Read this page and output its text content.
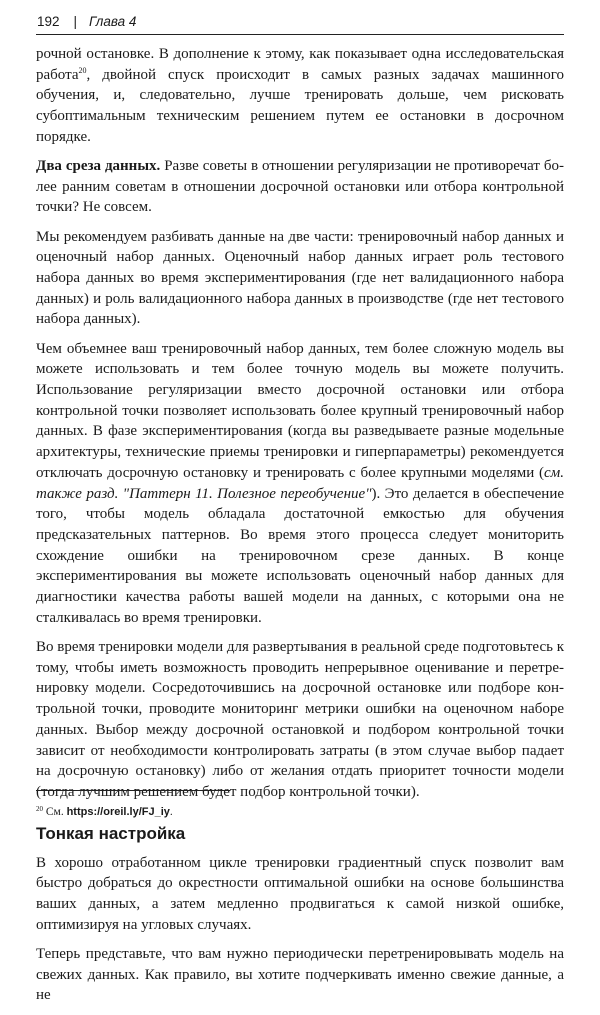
192 | Глава 4

рочной остановке. В дополнение к этому, как показывает одна исследовательская работа$^{20}$, двойной спуск происходит в самых разных задачах машинного обучения, и, следовательно, лучше тренировать дольше, чем рисковать субоптимальным техническим решением путем ее остановки в досрочном порядке.

Два среза данных. Разве советы в отношении регуляризации не противоречат более ранним советам в отношении досрочной остановки или отбора контрольной точки? Не совсем.

Мы рекомендуем разбивать данные на две части: тренировочный набор данных и оценочный набор данных. Оценочный набор данных играет роль тестового набора данных во время экспериментирования (где нет валидационного набора данных) и роль валидационного набора данных в производстве (где нет тестового набора данных).

Чем объемнее ваш тренировочный набор данных, тем более сложную модель вы можете использовать и тем более точную модель вы можете получить. Использование регуляризации вместо досрочной остановки или отбора контрольной точки позволяет использовать более крупный тренировочный набор данных. В фазе экспериментирования (когда вы разведываете разные модельные архитектуры, технические приемы тренировки и гиперпараметры) рекомендуется отключать досрочную остановку и тренировать с более крупными моделями (см. также разд. "Паттерн 11. Полезное переобучение"). Это делается в обеспечение того, чтобы модель обладала достаточной емкостью для обучения предсказательных паттернов. Во время этого процесса следует мониторить схождение ошибки на тренировочном срезе данных. В конце экспериментирования вы можете использовать оценочный набор данных для диагностики качества работы вашей модели на данных, с которыми она не сталкивалась во время тренировки.

Во время тренировки модели для развертывания в реальной среде подготовьтесь к тому, чтобы иметь возможность проводить непрерывное оценивание и перетренировку модели. Сосредоточившись на досрочной остановке или подборе контрольной точки, проводите мониторинг метрики ошибки на оценочном наборе данных. Выбор между досрочной остановкой и подбором контрольной точки зависит от необходимости контролировать затраты (в этом случае выбор падает на досрочную остановку) либо от желания отдать приоритет точности модели (тогда лучшим решением будет подбор контрольной точки).

Тонкая настройка

В хорошо отработанном цикле тренировки градиентный спуск позволит вам быстро добраться до окрестности оптимальной ошибки на основе большинства ваших данных, а затем медленно продвигаться к самой низкой ошибке, оптимизируя на угловых случаях.

Теперь представьте, что вам нужно периодически перетренировывать модель на свежих данных. Как правило, вы хотите подчеркивать именно свежие данные, а не

$^{20}$ См. https://oreil.ly/FJ_iy.
